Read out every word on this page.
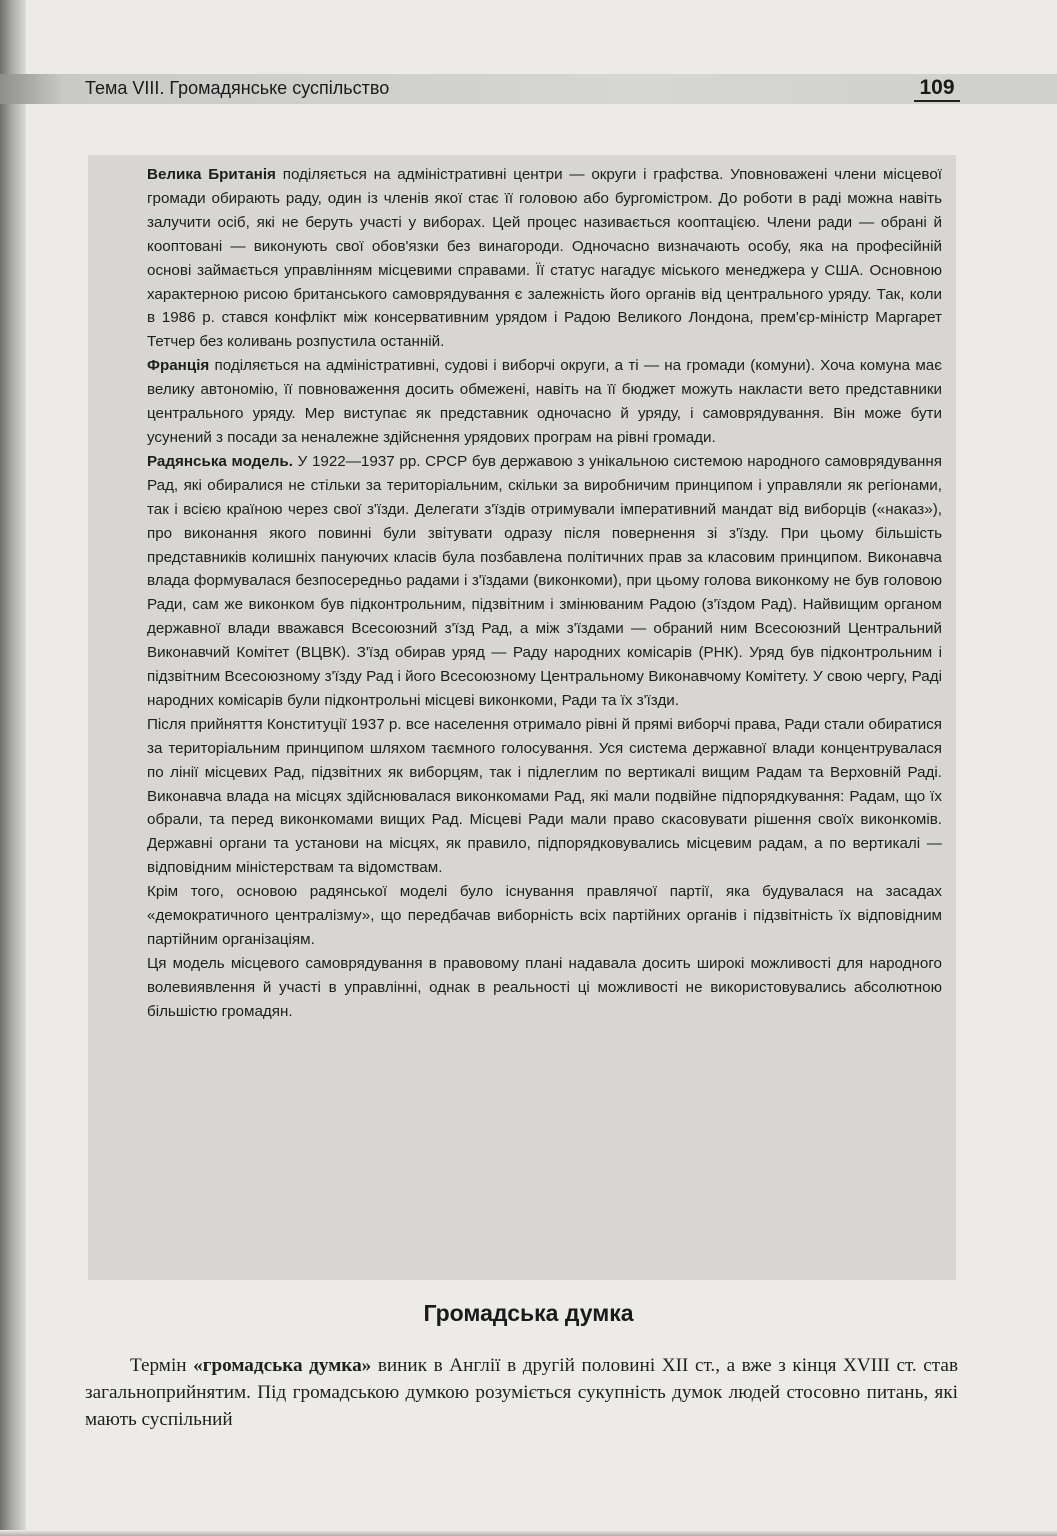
Тема VIII. Громадянське суспільство	109

Велика Британія поділяється на адміністративні центри — округи і графства. Уповноважені члени місцевої громади обирають раду, один із членів якої стає її головою або бургомістром. До роботи в раді можна навіть залучити осіб, які не беруть участі у виборах. Цей процес називається кооптацією. Члени ради — обрані й кооптовані — виконують свої обов'язки без винагороди. Одночасно визначають особу, яка на професійній основі займається управлінням місцевими справами. Її статус нагадує міського менеджера у США. Основною характерною рисою британського самоврядування є залежність його органів від центрального уряду. Так, коли в 1986 р. стався конфлікт між консервативним урядом і Радою Великого Лондона, прем'єр-міністр Маргарет Тетчер без коливань розпустила останній.

Франція поділяється на адміністративні, судові і виборчі округи, а ті — на громади (комуни). Хоча комуна має велику автономію, її повноваження досить обмежені, навіть на її бюджет можуть накласти вето представники центрального уряду. Мер виступає як представник одночасно й уряду, і самоврядування. Він може бути усунений з посади за неналежне здійснення урядових програм на рівні громади.

Радянська модель. У 1922—1937 рр. СРСР був державою з унікальною системою народного самоврядування Рад, які обиралися не стільки за територіальним, скільки за виробничим принципом і управляли як регіонами, так і всією країною через свої з'їзди. Делегати з'їздів отримували імперативний мандат від виборців («наказ»), про виконання якого повинні були звітувати одразу після повернення зі з'їзду. При цьому більшість представників колишніх пануючих класів була позбавлена політичних прав за класовим принципом. Виконавча влада формувалася безпосередньо радами і з'їздами (виконкоми), при цьому голова виконкому не був головою Ради, сам же виконком був підконтрольним, підзвітним і змінюваним Радою (з'їздом Рад). Найвищим органом державної влади вважався Всесоюзний з'їзд Рад, а між з'їздами — обраний ним Всесоюзний Центральний Виконавчий Комітет (ВЦВК). З'їзд обирав уряд — Раду народних комісарів (РНК). Уряд був підконтрольним і підзвітним Всесоюзному з'їзду Рад і його Всесоюзному Центральному Виконавчому Комітету. У свою чергу, Раді народних комісарів були підконтрольні місцеві виконкоми, Ради та їх з'їзди.

Після прийняття Конституції 1937 р. все населення отримало рівні й прямі виборчі права, Ради стали обиратися за територіальним принципом шляхом таємного голосування. Уся система державної влади концентрувалася по лінії місцевих Рад, підзвітних як виборцям, так і підлеглим по вертикалі вищим Радам та Верховній Раді. Виконавча влада на місцях здійснювалася виконкомами Рад, які мали подвійне підпорядкування: Радам, що їх обрали, та перед виконкомами вищих Рад. Місцеві Ради мали право скасовувати рішення своїх виконкомів. Державні органи та установи на місцях, як правило, підпорядковувались місцевим радам, а по вертикалі — відповідним міністерствам та відомствам.

Крім того, основою радянської моделі було існування правлячої партії, яка будувалася на засадах «демократичного централізму», що передбачав виборність всіх партійних органів і підзвітність їх відповідним партійним організаціям.

Ця модель місцевого самоврядування в правовому плані надавала досить широкі можливості для народного волевиявлення й участі в управлінні, однак в реальності ці можливості не використовувались абсолютною більшістю громадян.

Громадська думка

Термін «громадська думка» виник в Англії в другій половині XII ст., а вже з кінця XVIII ст. став загальноприйнятим. Під громадською думкою розуміється сукупність думок людей стосовно питань, які мають суспільний
